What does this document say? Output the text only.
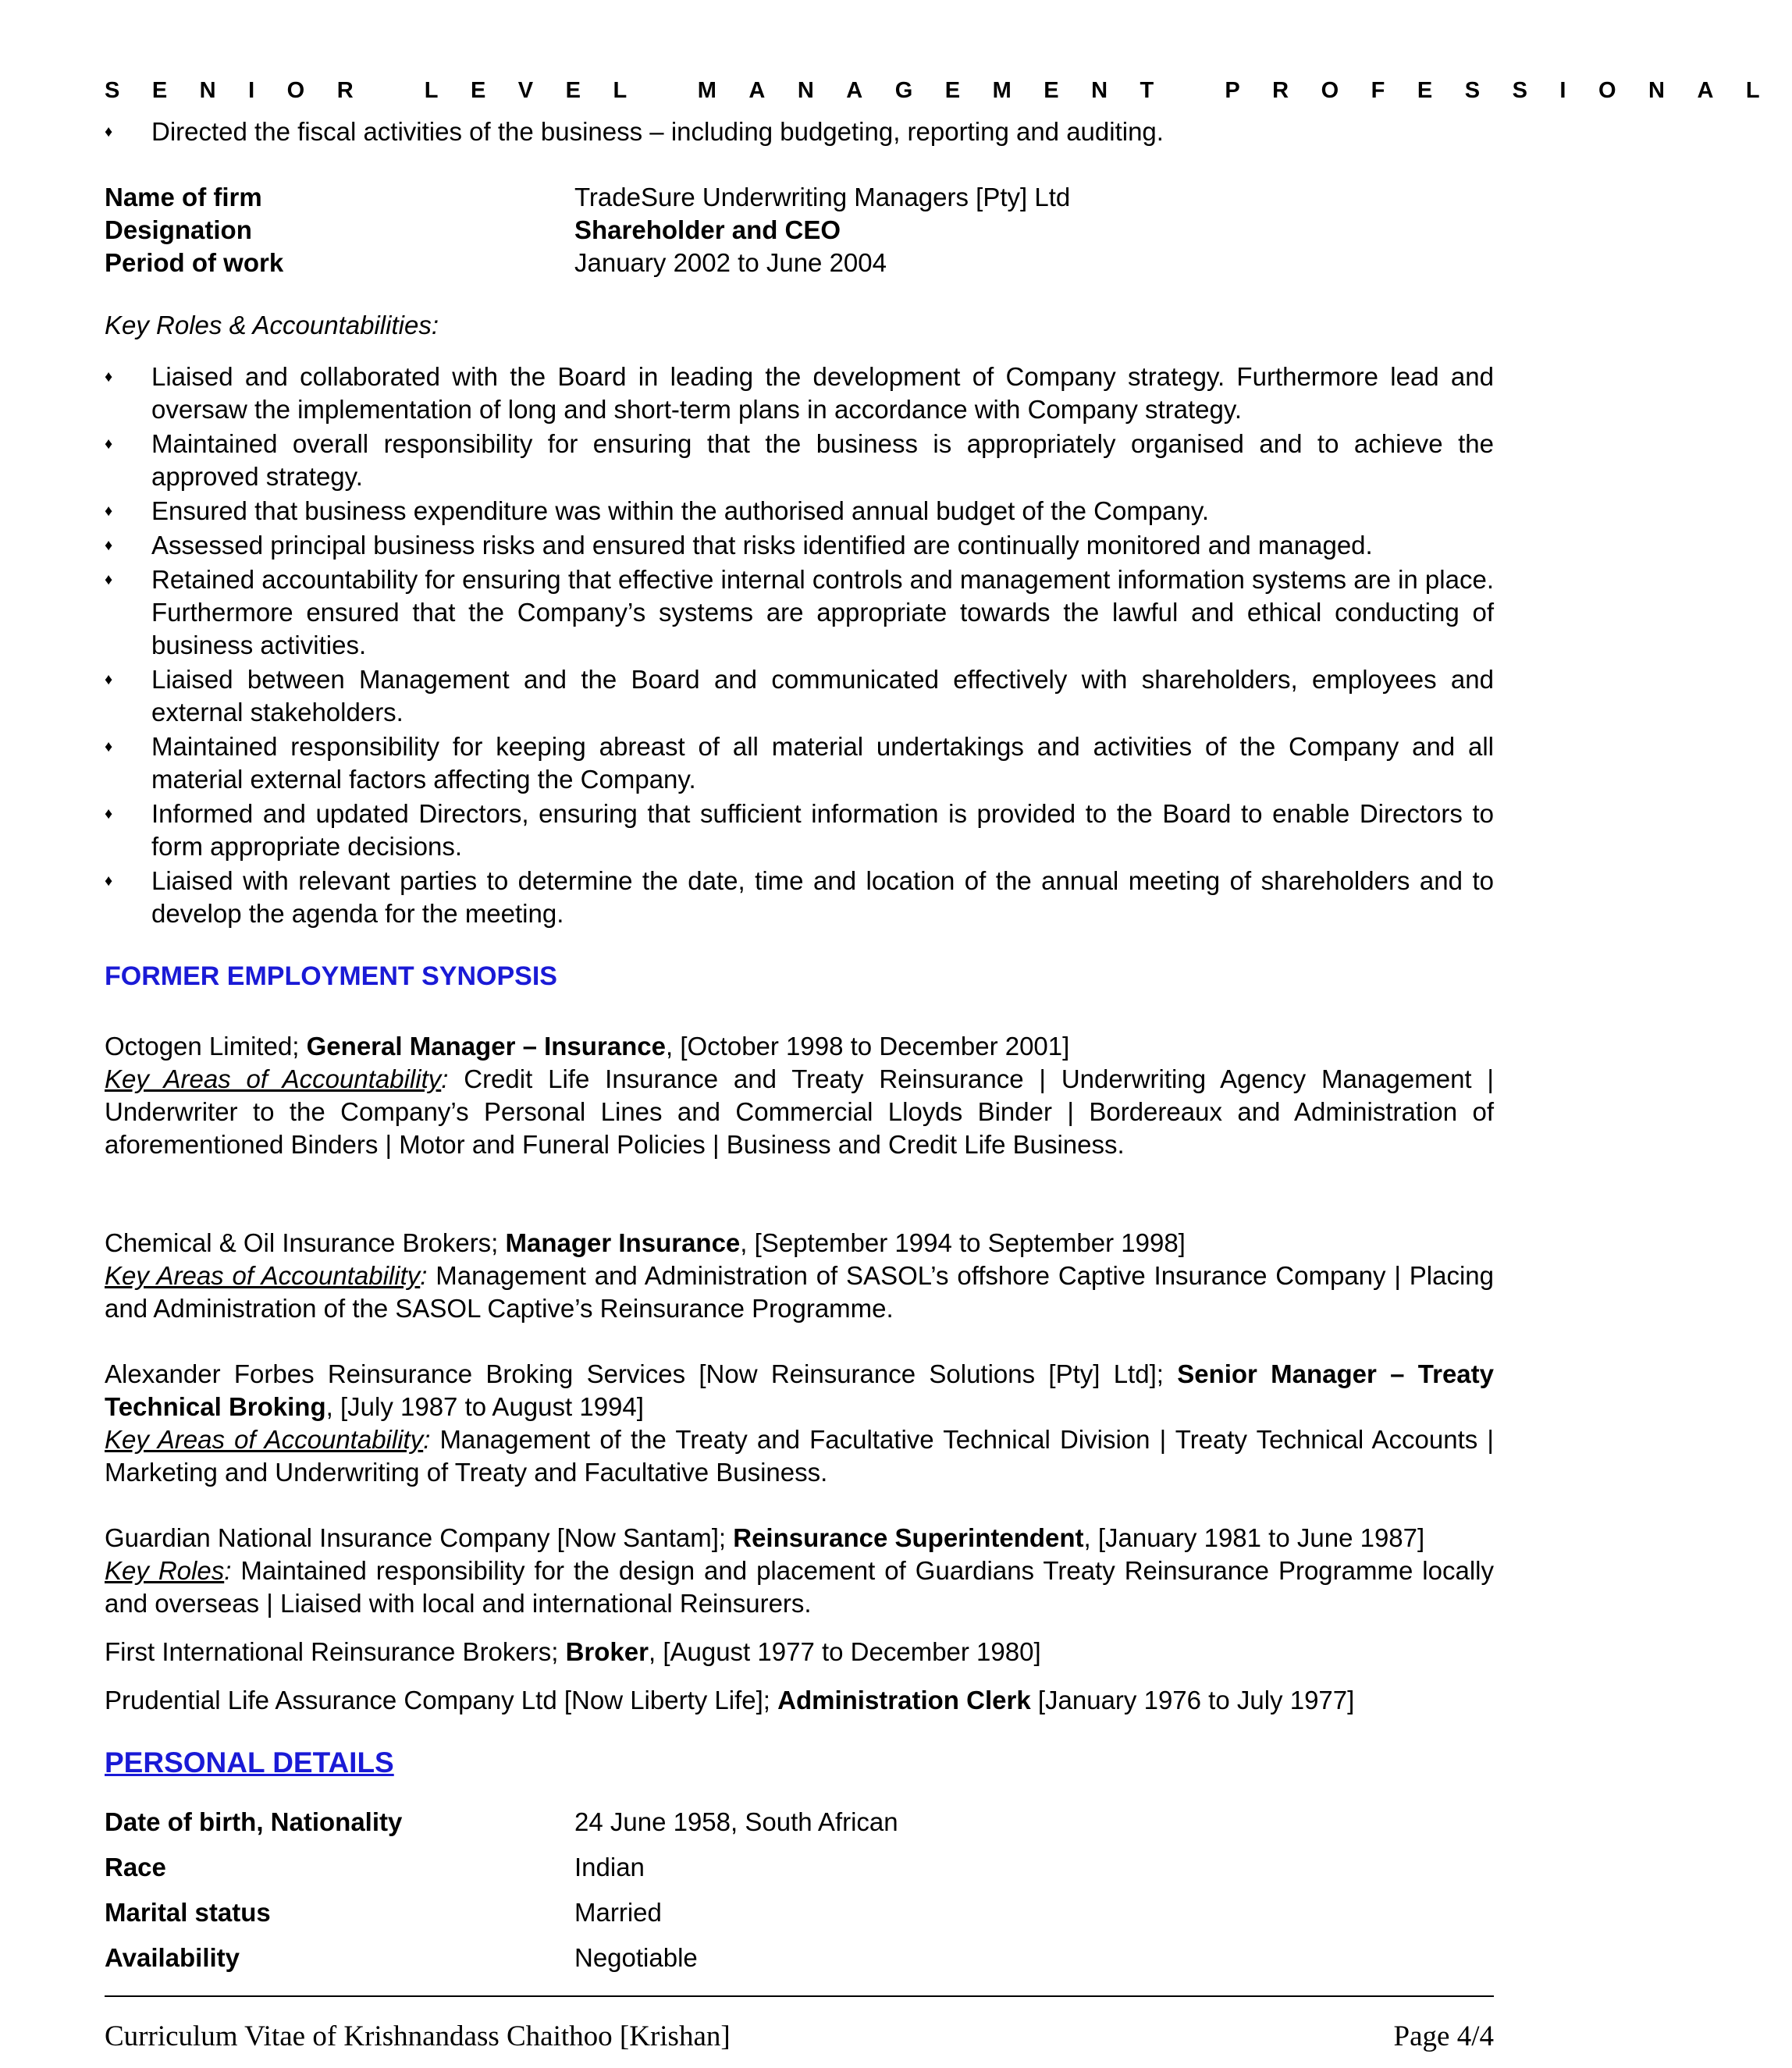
SENIOR LEVEL MANAGEMENT PROFESSIONAL
♦ Directed the fiscal activities of the business – including budgeting, reporting and auditing.
Name of firm	TradeSure Underwriting Managers [Pty] Ltd
Designation	Shareholder and CEO
Period of work	January 2002 to June 2004
Key Roles & Accountabilities:
♦ Liaised and collaborated with the Board in leading the development of Company strategy. Furthermore lead and oversaw the implementation of long and short-term plans in accordance with Company strategy.
♦ Maintained overall responsibility for ensuring that the business is appropriately organised and to achieve the approved strategy.
♦ Ensured that business expenditure was within the authorised annual budget of the Company.
♦ Assessed principal business risks and ensured that risks identified are continually monitored and managed.
♦ Retained accountability for ensuring that effective internal controls and management information systems are in place. Furthermore ensured that the Company’s systems are appropriate towards the lawful and ethical conducting of business activities.
♦ Liaised between Management and the Board and communicated effectively with shareholders, employees and external stakeholders.
♦ Maintained responsibility for keeping abreast of all material undertakings and activities of the Company and all material external factors affecting the Company.
♦ Informed and updated Directors, ensuring that sufficient information is provided to the Board to enable Directors to form appropriate decisions.
♦ Liaised with relevant parties to determine the date, time and location of the annual meeting of shareholders and to develop the agenda for the meeting.
FORMER EMPLOYMENT SYNOPSIS
Octogen Limited; General Manager – Insurance, [October 1998 to December 2001]
Key Areas of Accountability: Credit Life Insurance and Treaty Reinsurance | Underwriting Agency Management | Underwriter to the Company’s Personal Lines and Commercial Lloyds Binder | Bordereaux and Administration of aforementioned Binders | Motor and Funeral Policies | Business and Credit Life Business.
Chemical & Oil Insurance Brokers; Manager Insurance, [September 1994 to September 1998]
Key Areas of Accountability: Management and Administration of SASOL’s offshore Captive Insurance Company | Placing and Administration of the SASOL Captive’s Reinsurance Programme.
Alexander Forbes Reinsurance Broking Services [Now Reinsurance Solutions [Pty] Ltd]; Senior Manager – Treaty Technical Broking, [July 1987 to August 1994]
Key Areas of Accountability: Management of the Treaty and Facultative Technical Division | Treaty Technical Accounts | Marketing and Underwriting of Treaty and Facultative Business.
Guardian National Insurance Company [Now Santam]; Reinsurance Superintendent, [January 1981 to June 1987]
Key Roles: Maintained responsibility for the design and placement of Guardians Treaty Reinsurance Programme locally and overseas | Liaised with local and international Reinsurers.
First International Reinsurance Brokers; Broker, [August 1977 to December 1980]
Prudential Life Assurance Company Ltd [Now Liberty Life]; Administration Clerk [January 1976 to July 1977]
PERSONAL DETAILS
Date of birth, Nationality	24 June 1958, South African
Race	Indian
Marital status	Married
Availability	Negotiable
Curriculum Vitae of Krishnandass Chaithoo [Krishan]	Page 4/4
